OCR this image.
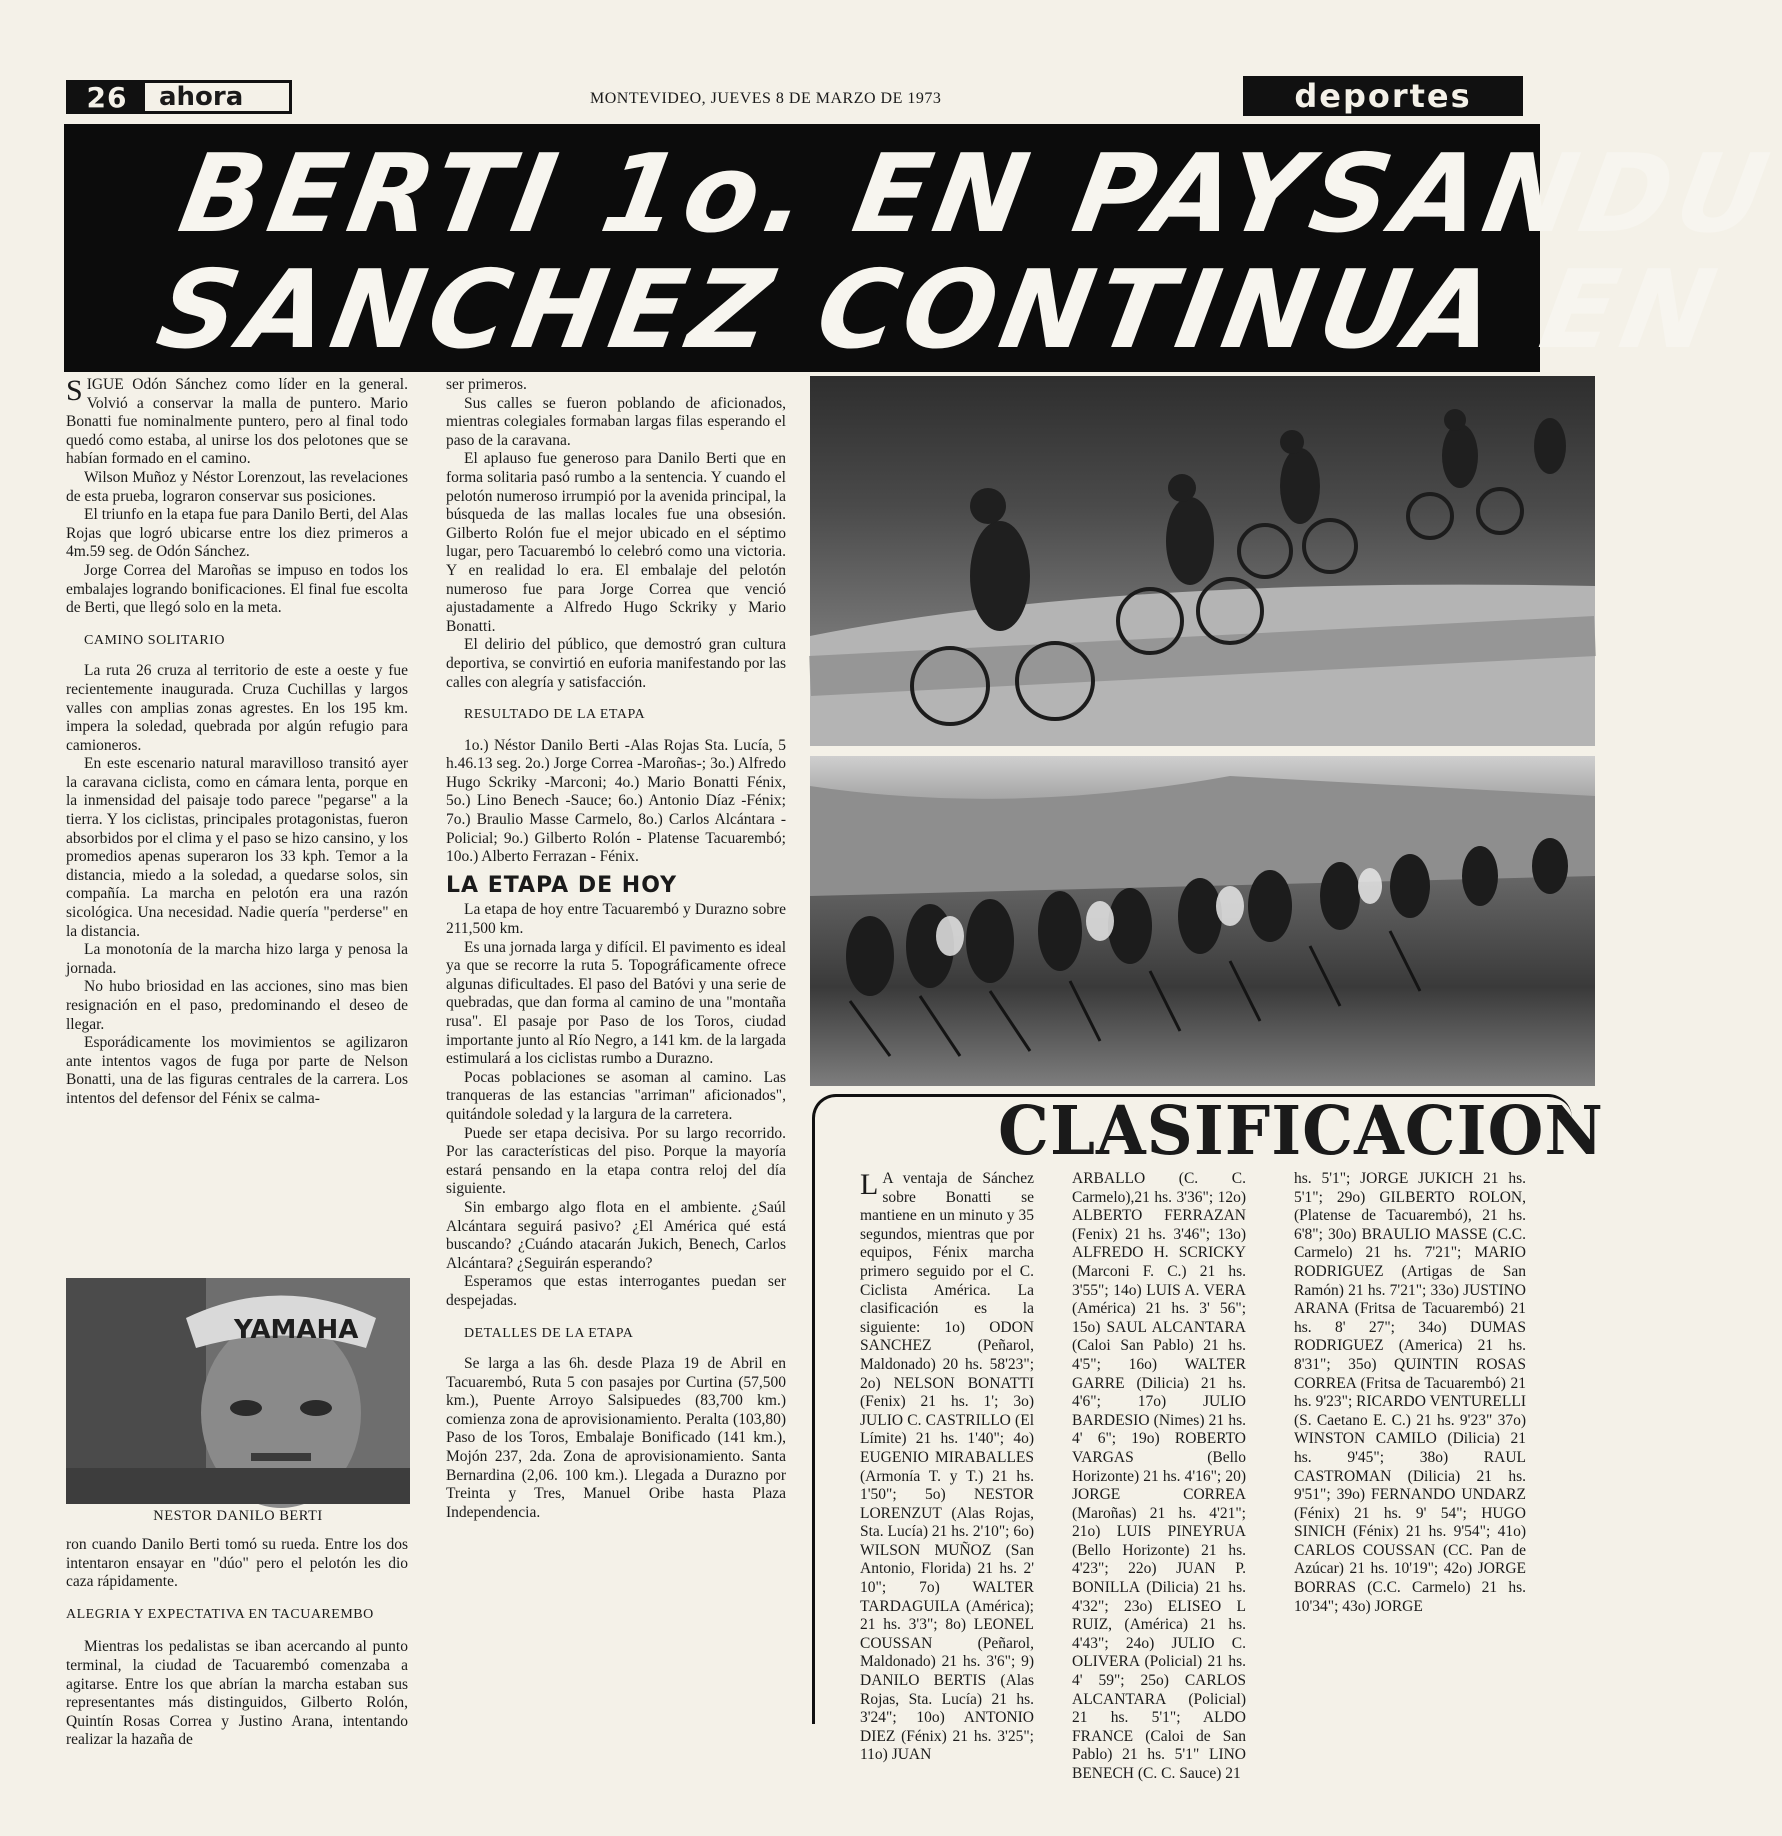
26	ahora	MONTEVIDEO, JUEVES 8 DE MARZO DE 1973	deportes
BERTI 1o. EN PAYSANDU
SANCHEZ CONTINUA EN

SIGUE Odón Sánchez como líder en la general. Volvió a conservar la malla de puntero. Mario Bonatti fue nominalmente puntero, pero al final todo quedó como estaba, al unirse los dos pelotones que se habían formado en el camino.

Wilson Muñoz y Néstor Lorenzout, las revelaciones de esta prueba, lograron conservar sus posiciones.

El triunfo en la etapa fue para Danilo Berti, del Alas Rojas que logró ubicarse entre los diez primeros a 4m.59 seg. de Odón Sánchez.

Jorge Correa del Maroñas se impuso en todos los embalajes logrando bonificaciones. El final fue escolta de Berti, que llegó solo en la meta.

CAMINO SOLITARIO

La ruta 26 cruza al territorio de este a oeste y fue recientemente inaugurada. Cruza Cuchillas y largos valles con amplias zonas agrestes. En los 195 km. impera la soledad, quebrada por algún refugio para camioneros.

En este escenario natural maravilloso transitó ayer la caravana ciclista, como en cámara lenta, porque en la inmensidad del paisaje todo parece "pegarse" a la tierra. Y los ciclistas, principales protagonistas, fueron absorbidos por el clima y el paso se hizo cansino, y los promedios apenas superaron los 33 kph. Temor a la distancia, miedo a la soledad, a quedarse solos, sin compañía. La marcha en pelotón era una razón sicológica. Una necesidad. Nadie quería "perderse" en la distancia.

La monotonía de la marcha hizo larga y penosa la jornada.

No hubo briosidad en las acciones, sino mas bien resignación en el paso, predominando el deseo de llegar.

Esporádicamente los movimientos se agilizaron ante intentos vagos de fuga por parte de Nelson Bonatti, una de las figuras centrales de la carrera. Los intentos del defensor del Fénix se calma-

YAMAHA
NESTOR DANILO BERTI

ron cuando Danilo Berti tomó su rueda. Entre los dos intentaron ensayar en "dúo" pero el pelotón les dio caza rápidamente.

ALEGRIA Y EXPECTATIVA EN TACUAREMBO

Mientras los pedalistas se iban acercando al punto terminal, la ciudad de Tacuarembó comenzaba a agitarse. Entre los que abrían la marcha estaban sus representantes más distinguidos, Gilberto Rolón, Quintín Rosas Correa y Justino Arana, intentando realizar la hazaña de

ser primeros.

Sus calles se fueron poblando de aficionados, mientras colegiales formaban largas filas esperando el paso de la caravana.

El aplauso fue generoso para Danilo Berti que en forma solitaria pasó rumbo a la sentencia. Y cuando el pelotón numeroso irrumpió por la avenida principal, la búsqueda de las mallas locales fue una obsesión. Gilberto Rolón fue el mejor ubicado en el séptimo lugar, pero Tacuarembó lo celebró como una victoria. Y en realidad lo era. El embalaje del pelotón numeroso fue para Jorge Correa que venció ajustadamente a Alfredo Hugo Sckriky y Mario Bonatti.

El delirio del público, que demostró gran cultura deportiva, se convirtió en euforia manifestando por las calles con alegría y satisfacción.

RESULTADO DE LA ETAPA

1o.) Néstor Danilo Berti -Alas Rojas Sta. Lucía, 5 h.46.13 seg. 2o.) Jorge Correa -Maroñas-; 3o.) Alfredo Hugo Sckriky -Marconi; 4o.) Mario Bonatti Fénix, 5o.) Lino Benech -Sauce; 6o.) Antonio Díaz -Fénix; 7o.) Braulio Masse Carmelo, 8o.) Carlos Alcántara - Policial; 9o.) Gilberto Rolón - Platense Tacuarembó; 10o.) Alberto Ferrazan - Fénix.

LA ETAPA DE HOY

La etapa de hoy entre Tacuarembó y Durazno sobre 211,500 km.

Es una jornada larga y difícil. El pavimento es ideal ya que se recorre la ruta 5. Topográficamente ofrece algunas dificultades. El paso del Batóvi y una serie de quebradas, que dan forma al camino de una "montaña rusa". El pasaje por Paso de los Toros, ciudad importante junto al Río Negro, a 141 km. de la largada estimulará a los ciclistas rumbo a Durazno.

Pocas poblaciones se asoman al camino. Las tranqueras de las estancias "arriman" aficionados", quitándole soledad y la largura de la carretera.

Puede ser etapa decisiva. Por su largo recorrido. Por las características del piso. Porque la mayoría estará pensando en la etapa contra reloj del día siguiente.

Sin embargo algo flota en el ambiente. ¿Saúl Alcántara seguirá pasivo? ¿El América qué está buscando? ¿Cuándo atacarán Jukich, Benech, Carlos Alcántara? ¿Seguirán esperando?

Esperamos que estas interrogantes puedan ser despejadas.

DETALLES DE LA ETAPA

Se larga a las 6h. desde Plaza 19 de Abril en Tacuarembó, Ruta 5 con pasajes por Curtina (57,500 km.), Puente Arroyo Salsipuedes (83,700 km.) comienza zona de aprovisionamiento. Peralta (103,80) Paso de los Toros, Embalaje Bonificado (141 km.), Mojón 237, 2da. Zona de aprovisionamiento. Santa Bernardina (2,06. 100 km.). Llegada a Durazno por Treinta y Tres, Manuel Oribe hasta Plaza Independencia.

CLASIFICACION

L A ventaja de Sánchez sobre Bonatti se mantiene en un minuto y 35 segundos, mientras que por equipos, Fénix marcha primero seguido por el C. Ciclista América. La clasificación es la siguiente: 1o) ODON SANCHEZ (Peñarol, Maldonado) 20 hs. 58'23"; 2o) NELSON BONATTI (Fenix) 21 hs. 1'; 3o) JULIO C. CASTRILLO (El Límite) 21 hs. 1'40"; 4o) EUGENIO MIRABALLES (Armonía T. y T.) 21 hs. 1'50"; 5o) NESTOR LORENZUT (Alas Rojas, Sta. Lucía) 21 hs. 2'10"; 6o) WILSON MUÑOZ (San Antonio, Florida) 21 hs. 2' 10"; 7o) WALTER TARDAGUILA (América); 21 hs. 3'3"; 8o) LEONEL COUSSAN (Peñarol, Maldonado) 21 hs. 3'6"; 9) DANILO BERTIS (Alas Rojas, Sta. Lucía) 21 hs. 3'24"; 10o) ANTONIO DIEZ (Fénix) 21 hs. 3'25"; 11o) JUAN

ARBALLO (C. C. Carmelo),21 hs. 3'36"; 12o) ALBERTO FERRAZAN (Fenix) 21 hs. 3'46"; 13o) ALFREDO H. SCRICKY (Marconi F. C.) 21 hs. 3'55"; 14o) LUIS A. VERA (América) 21 hs. 3' 56"; 15o) SAUL ALCANTARA (Caloi San Pablo) 21 hs. 4'5"; 16o) WALTER GARRE (Dilicia) 21 hs. 4'6"; 17o) JULIO BARDESIO (Nimes) 21 hs. 4' 6"; 19o) ROBERTO VARGAS (Bello Horizonte) 21 hs. 4'16"; 20) JORGE CORREA (Maroñas) 21 hs. 4'21"; 21o) LUIS PINEYRUA (Bello Horizonte) 21 hs. 4'23"; 22o) JUAN P. BONILLA (Dilicia) 21 hs. 4'32"; 23o) ELISEO L RUIZ, (América) 21 hs. 4'43"; 24o) JULIO C. OLIVERA (Policial) 21 hs. 4' 59"; 25o) CARLOS ALCANTARA (Policial) 21 hs. 5'1"; ALDO FRANCE (Caloi de San Pablo) 21 hs. 5'1" LINO BENECH (C. C. Sauce) 21

hs. 5'1"; JORGE JUKICH 21 hs. 5'1"; 29o) GILBERTO ROLON, (Platense de Tacuarembó), 21 hs. 6'8"; 30o) BRAULIO MASSE (C.C. Carmelo) 21 hs. 7'21"; MARIO RODRIGUEZ (Artigas de San Ramón) 21 hs. 7'21"; 33o) JUSTINO ARANA (Fritsa de Tacuarembó) 21 hs. 8' 27"; 34o) DUMAS RODRIGUEZ (America) 21 hs. 8'31"; 35o) QUINTIN ROSAS CORREA (Fritsa de Tacuarembó) 21 hs. 9'23"; RICARDO VENTURELLI (S. Caetano E. C.) 21 hs. 9'23" 37o) WINSTON CAMILO (Dilicia) 21 hs. 9'45"; 38o) RAUL CASTROMAN (Dilicia) 21 hs. 9'51"; 39o) FERNANDO UNDARZ (Fénix) 21 hs. 9' 54"; HUGO SINICH (Fénix) 21 hs. 9'54"; 41o) CARLOS COUSSAN (CC. Pan de Azúcar) 21 hs. 10'19"; 42o) JORGE BORRAS (C.C. Carmelo) 21 hs. 10'34"; 43o) JORGE
